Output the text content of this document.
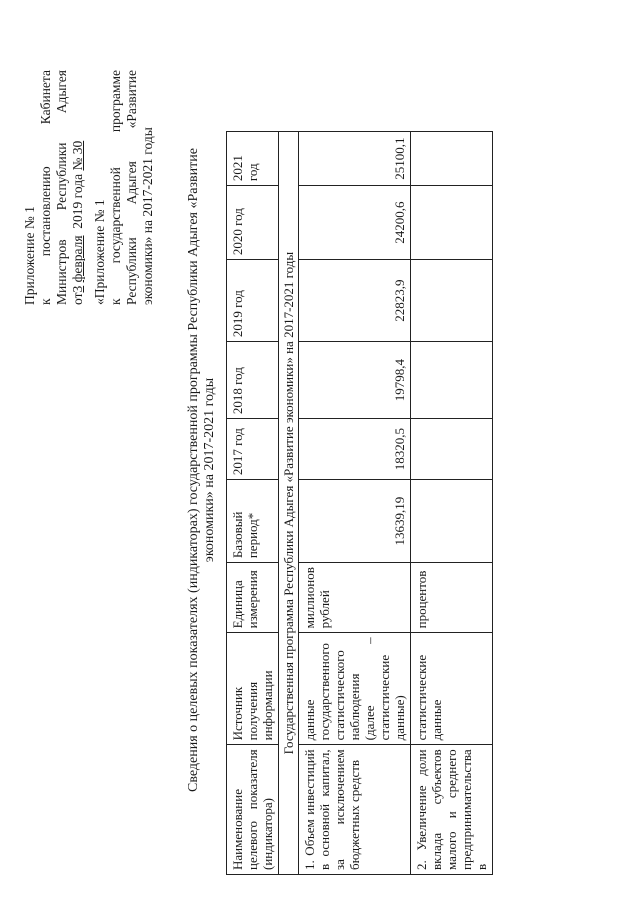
Приложение № 1 к
постановлению
Кабинета
Министров
Республики
Адыгея
от3 февраля  2019 года № 30
«Приложение № 1 к
государственной
программе
Республики
Адыгея
«Развитие
экономики» на 2017-2021 годы Сведения о целевых показателях (индикаторах) государственной программы Республики Адыгея «Развитие экономики» на 2017-2021 годы
Наименование целевого показателя (индикатора)	Источник получения информации	Единица измерения	Базовый период*	2017 год	2018 год	2019 год	2020 год	2021 год
Государственная программа Республики Адыгея «Развитие экономики» на 2017-2021 годы								
1. Объем инвестиций в основной капитал, за исключением бюджетных средств	данные государственного статистического наблюдения (далее – статистические данные)	миллионов рублей	13639,19	18320,5	19798,4	22823,9	24200,6	25100,1
2. Увеличение доли вклада субъектов малого и среднего предпринимательства в	статистические данные	процентов						
